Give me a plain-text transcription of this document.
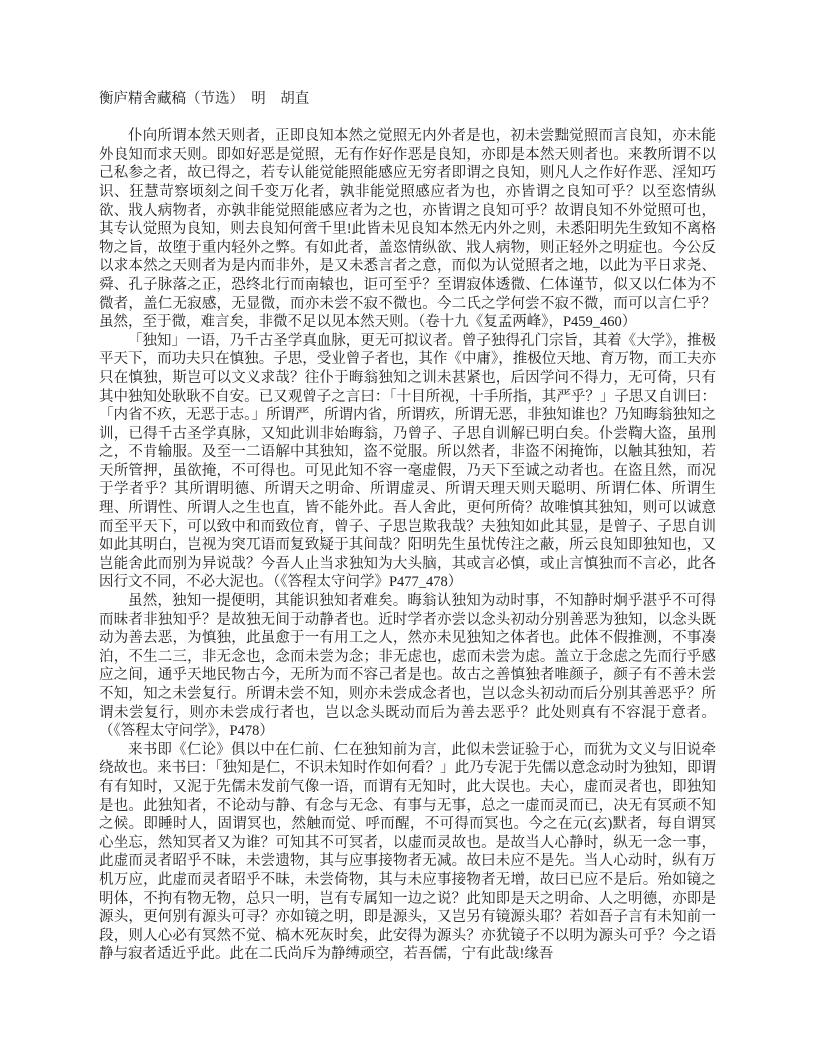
衡庐精舍藏稿（节选）　明　胡直

仆向所谓本然天则者，正即良知本然之觉照无内外者是也，初未尝黜觉照而言良知，亦未能外良知而求天则。即如好恶是觉照，无有作好作恶是良知，亦即是本然天则者也。来教所谓不以己私参之者，故已得之，若专认能觉能照能感应无穷者即谓之良知，则凡人之作好作恶、淫知巧识、狂慧苛察顷刻之间千变万化者，孰非能觉照感应者为也，亦皆谓之良知可乎？以至恣情纵欲、戕人病物者，亦孰非能觉照能感应者为之也，亦皆谓之良知可乎？故谓良知不外觉照可也，其专认觉照为良知，则去良知何啻千里!此皆未见良知本然无内外之则，未悉阳明先生致知不离格物之旨，故堕于重内轻外之弊。有如此者，盖恣情纵欲、戕人病物，则正轻外之明症也。今公反以求本然之天则者为是内而非外，是又未悉言者之意，而似为认觉照者之地，以此为平日求尧、舜、孔子脉落之正，恐终北行而南辕也，讵可至乎？至谓寂体透微、仁体谨节，似又以仁体为不微者，盖仁无寂感，无显微，而亦未尝不寂不微也。今二氏之学何尝不寂不微，而可以言仁乎？虽然，至于微，难言矣，非微不足以见本然天则。（卷十九《复孟两峰》，P459_460）

「独知」一语，乃千古圣学真血脉，更无可拟议者。曾子独得孔门宗旨，其着《大学》，推极平天下，而功夫只在慎独。子思，受业曾子者也，其作《中庸》，推极位天地、育万物，而工夫亦只在慎独，斯岂可以文义求哉？往仆于晦翁独知之训未甚紧也，后因学问不得力，无可倚，只有其中独知处耿耿不自安。已又观曾子之言曰：「十目所视，十手所指，其严乎？」子思又自训曰：「内省不疚，无恶于志。」所谓严，所谓内省，所谓疚，所谓无恶，非独知谁也？乃知晦翁独知之训，已得千古圣学真脉，又知此训非始晦翁，乃曾子、子思自训解已明白矣。仆尝鞫大盗，虽刑之，不肯输服。及至一二语解中其独知，盗不觉服。所以然者，非盗不闲掩饰，以触其独知，若天所管押，虽欲掩，不可得也。可见此知不容一毫虚假，乃天下至诚之动者也。在盗且然，而况于学者乎？其所谓明德、所谓天之明命、所谓虚灵、所谓天理天则天聪明、所谓仁体、所谓生理、所谓性、所谓人之生也直，皆不能外此。吾人舍此，更何所倚？故唯慎其独知，则可以诚意而至平天下，可以致中和而致位育，曾子、子思岂欺我哉？夫独知如此其显，是曾子、子思自训如此其明白，岂视为突兀语而复致疑于其间哉？阳明先生虽忧传注之蔽，所云良知即独知也，又岂能舍此而别为异说哉？今吾人止当求独知为大头脑，其或言必慎，或止言慎独而不言必，此各因行文不同，不必大泥也。（《答程太守问学》P477_478）

虽然，独知一提便明，其能识独知者难矣。晦翁认独知为动时事，不知静时炯乎湛乎不可得而昧者非独知乎？是故独无间于动静者也。近时学者亦尝以念头初动分别善恶为独知，以念头既动为善去恶，为慎独，此虽愈于一有用工之人，然亦未见独知之体者也。此体不假推测，不事凑泊，不生二三，非无念也，念而未尝为念；非无虑也，虑而未尝为虑。盖立于念虑之先而行乎感应之间，通乎天地民物古今，无所为而不容己者是也。故古之善慎独者唯颜子，颜子有不善未尝不知，知之未尝复行。所谓未尝不知，则亦未尝成念者也，岂以念头初动而后分别其善恶乎？所谓未尝复行，则亦未尝成行者也，岂以念头既动而后为善去恶乎？此处则真有不容混于意者。（《答程太守问学》，P478）

来书即《仁论》俱以中在仁前、仁在独知前为言，此似未尝证验于心，而犹为文义与旧说牵绕故也。来书曰：「独知是仁，不识未知时作如何看？」此乃专泥于先儒以意念动时为独知，即谓有有知时，又泥于先儒未发前气像一语，而谓有无知时，此大误也。夫心，虚而灵者也，即独知是也。此独知者，不论动与静、有念与无念、有事与无事，总之一虚而灵而已，决无有冥顽不知之候。即睡时人，固谓冥也，然触而觉、呼而醒，不可得而冥也。今之在元(玄)默者，每自谓冥心坐忘，然知冥者又为谁？可知其不可冥者，以虚而灵故也。是故当人心静时，纵无一念一事，此虚而灵者昭乎不昧，未尝遗物，其与应事接物者无减。故曰未应不是先。当人心动时，纵有万机万应，此虚而灵者昭乎不昧，未尝倚物，其与未应事接物者无增，故曰已应不是后。殆如镜之明体，不拘有物无物，总只一明，岂有专属知一边之说？此知即是天之明命、人之明德，亦即是源头，更何别有源头可寻？亦如镜之明，即是源头，又岂另有镜源头耶？若如吾子言有未知前一段，则人心必有冥然不觉、槁木死灰时矣，此安得为源头？亦犹镜子不以明为源头可乎？今之语静与寂者适近乎此。此在二氏尚斥为静缚顽空，若吾儒，宁有此哉!缘吾
